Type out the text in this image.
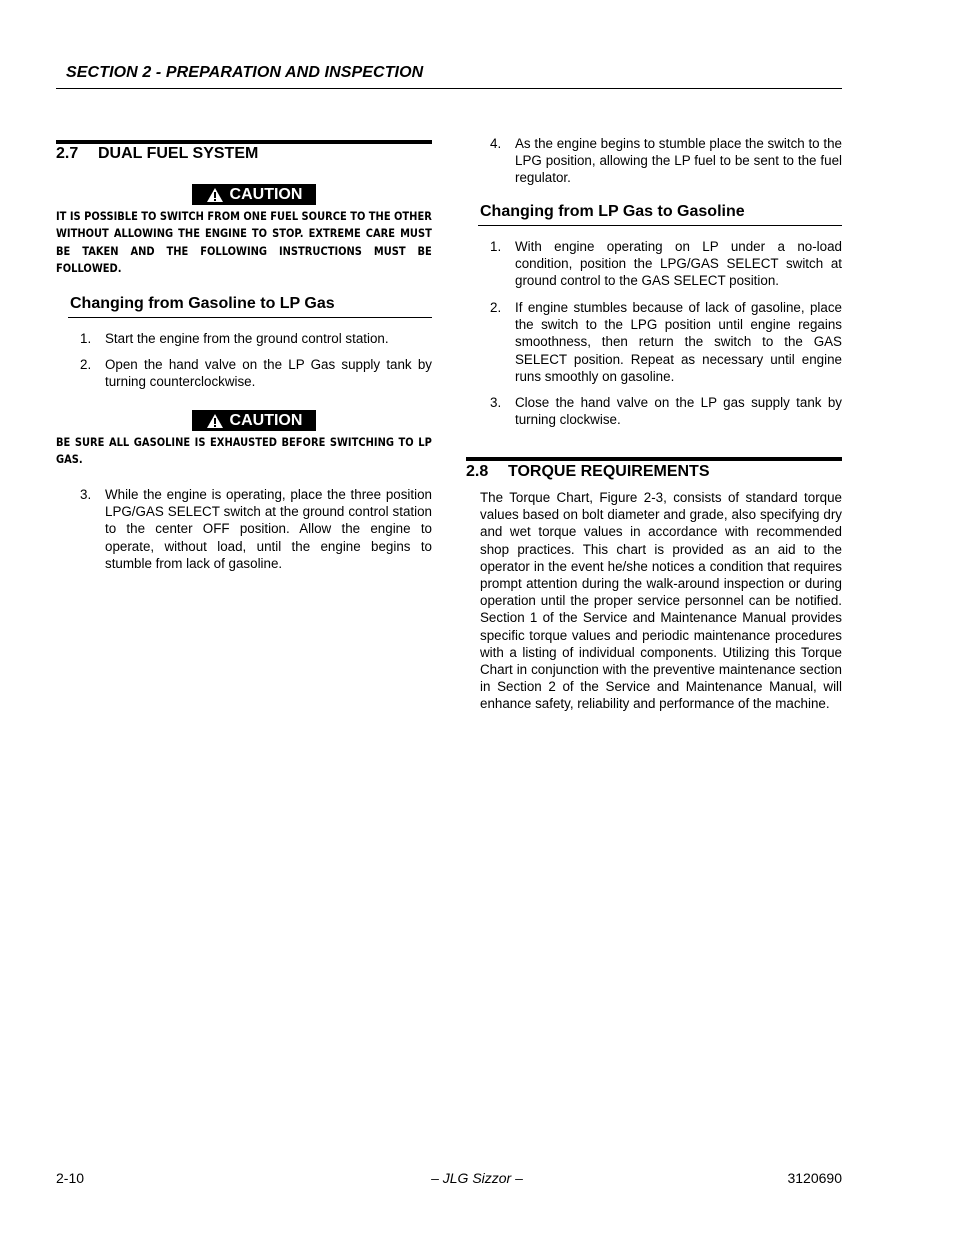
SECTION 2 - PREPARATION AND INSPECTION
2.7 DUAL FUEL SYSTEM
CAUTION
IT IS POSSIBLE TO SWITCH FROM ONE FUEL SOURCE TO THE OTHER WITHOUT ALLOWING THE ENGINE TO STOP. EXTREME CARE MUST BE TAKEN AND THE FOLLOWING INSTRUCTIONS MUST BE FOLLOWED.
Changing from Gasoline to LP Gas
1. Start the engine from the ground control station.
2. Open the hand valve on the LP Gas supply tank by turning counterclockwise.
CAUTION
BE SURE ALL GASOLINE IS EXHAUSTED BEFORE SWITCHING TO LP GAS.
3. While the engine is operating, place the three position LPG/GAS SELECT switch at the ground control station to the center OFF position. Allow the engine to operate, without load, until the engine begins to stumble from lack of gasoline.
4. As the engine begins to stumble place the switch to the LPG position, allowing the LP fuel to be sent to the fuel regulator.
Changing from LP Gas to Gasoline
1. With engine operating on LP under a no-load condition, position the LPG/GAS SELECT switch at ground control to the GAS SELECT position.
2. If engine stumbles because of lack of gasoline, place the switch to the LPG position until engine regains smoothness, then return the switch to the GAS SELECT position. Repeat as necessary until engine runs smoothly on gasoline.
3. Close the hand valve on the LP gas supply tank by turning clockwise.
2.8 TORQUE REQUIREMENTS
The Torque Chart, Figure 2-3, consists of standard torque values based on bolt diameter and grade, also specifying dry and wet torque values in accordance with recommended shop practices. This chart is provided as an aid to the operator in the event he/she notices a condition that requires prompt attention during the walk-around inspection or during operation until the proper service personnel can be notified. Section 1 of the Service and Maintenance Manual provides specific torque values and periodic maintenance procedures with a listing of individual components. Utilizing this Torque Chart in conjunction with the preventive maintenance section in Section 2 of the Service and Maintenance Manual, will enhance safety, reliability and performance of the machine.
2-10	– JLG Sizzor –	3120690
